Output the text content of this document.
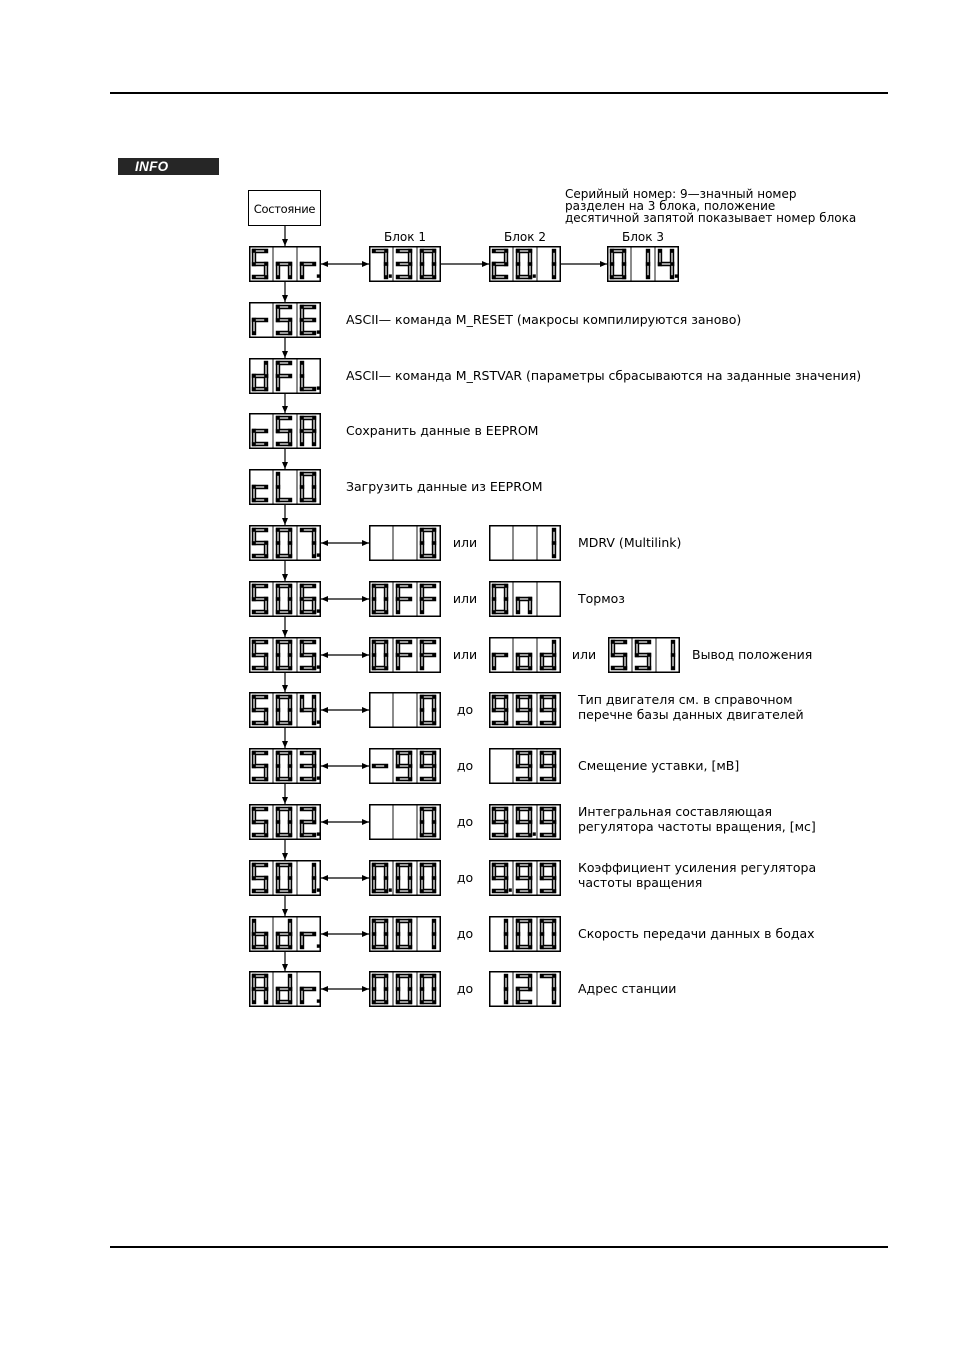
INFO
Состояние
Серийный номер: 9—значный номер
разделен на 3 блока, положение
десятичной запятой показывает номер блока
Блок 1	Блок 2	Блок 3
ASCII— команда M_RESET (макросы компилируются заново)
ASCII— команда M_RSTVAR (параметры сбрасываются на заданные значения)
Сохранить данные в EEPROM
Загрузить данные из EEPROM
или	MDRV (Multilink)
или	Тормоз
или	или	Вывод положения
до
Тип двигателя см. в справочном
перечне базы данных двигателей
до	Смещение уставки, [мВ]
до
Интегральная составляющая
регулятора частоты вращения, [мс]
до
Коэффициент усиления регулятора
частоты вращения
до	Скорость передачи данных в бодах
до	Адрес станции
